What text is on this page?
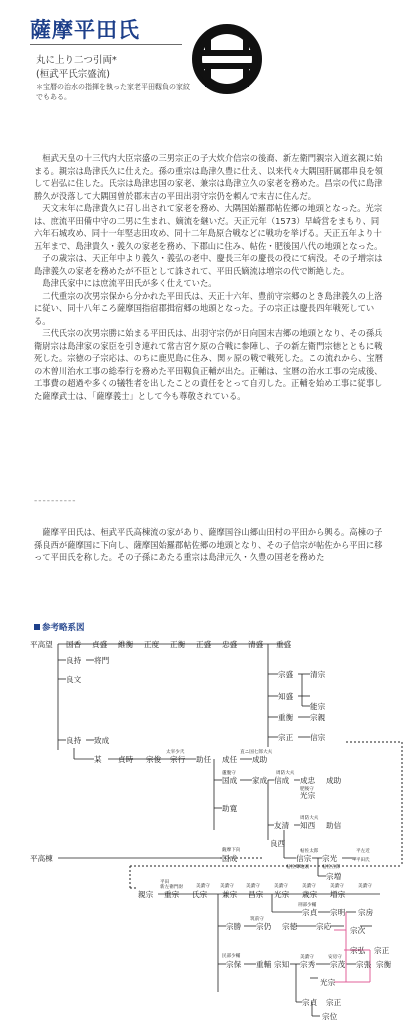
薩摩平田氏
丸に上り二つ引両*
(桓武平氏宗盛流)
＊宝暦の治水の指揮を執った家老平田靱負の家紋でもある。

桓武天皇の十三代内大臣宗盛の三男宗正の子大炊介信宗の後裔、新左衛門親宗入道玄親に始まる。親宗は島津氏久に仕えた。孫の重宗は島津久豊に仕え、以来代々大隅国肝属郡串良を領して岩弘に住した。氏宗は島津忠国の家老、兼宗は島津立久の家老を務めた。昌宗の代に島津勝久が没落して大隅国曽於郡末吉の平田出羽守宗仍を頼んで末吉に住んだ。

天文末年に島津貴久に召し出されて家老を務め、大隅国始羅郡帖佐郷の地頭となった。光宗は、庶流平田備中守の二男に生まれ、嫡流を継いだ。天正元年（1573）早崎営をまもり、同六年石城攻め、同十一年堅志田攻め、同十二年島原合戦などに戦功を挙げる。天正五年より十五年まで、島津貴久・義久の家老を務め、下郡山に住み、帖佐・肥後国八代の地頭となった。

子の歳宗は、天正年中より義久・義弘の老中、慶長三年の慶長の役にて病没。その子増宗は島津義久の家老を務めたが不臣として誅されて、平田氏嫡流は増宗の代で断絶した。

島津氏家中には庶流平田氏が多く仕えていた。

二代重宗の次男宗保から分かれた平田氏は、天正十六年、豊前守宗郷のとき島津義久の上洛に従い、同十八年ころ薩摩国指宿郡揖宿郷の地頭となった。子の宗正は慶長四年戦死している。

三代氏宗の次男宗勝に始まる平田氏は、出羽守宗仍が日向国末吉郷の地頭となり、その孫兵衛尉宗は島津家の家臣を引き連れて常吉宮ケ原の合戦に参陣し、子の新左衛門宗徳とともに戦死した。宗徳の子宗応は、のちに鹿児島に住み、関ヶ原の戦で戦死した。この流れから、宝暦の木曽川治水工事の総奉行を務めた平田靱負正輔が出た。正輔は、宝暦の治水工事の完成後、工事費の超過や多くの犠牲者を出したことの責任をとって自刃した。正輔を始め工事に従事した薩摩武士は、「薩摩義士」として今も尊敬されている。

----------

薩摩平田氏は、桓武平氏高棟流の家があり、薩摩国谷山郷山田村の平田から興る。高棟の子孫良西が薩摩国に下向し、薩摩国始羅郡帖佐郷の地頭となり、その子信宗が帖佐から平田に移って平田氏を称した。その子孫にあたる重宗は島津元久・久豊の国老を務めた

参考略系図
平高望 国香 貞盛 維衡 正度 正衡 正盛 忠盛 清盛 重盛
良持 将門
良文
宗盛 清宗
知盛
能宗
重衡 宗親
宗正 信宗
良持 致成
某 貞時 宗俊 宗行 助任 成任 成助
国成 家成 信成 成忠 成助
助寛
光宗
友清 知西 助信
良西
信宗 宗光
宗増
平高棟	国成
親宗 重宗 氏宗 兼宗 昌宗 光宗 歳宗 増宗
宗貞 宗明 宗房
宗次
宗弘 宗正
宗勝 宗仍 宗徳 宗応
宗保 重輔 宗知 宗秀 宗茂 宗張 宗衡
光宗
宗貞 宗正
宗位
太宰少弐	直ニ国七郎大夫
蘆腹守	周防大夫
肥後守
周防大夫
帖佐太郎	平左近
帖佐郷地頭	帖佐五郎
→平田氏
薩摩下向
平田
新左衛門尉	美濃守 美濃守	美濃守	美濃守	美濃守	美濃守	美濃守
刑部少輔
筑前守
民部少輔	安房守
美濃守
